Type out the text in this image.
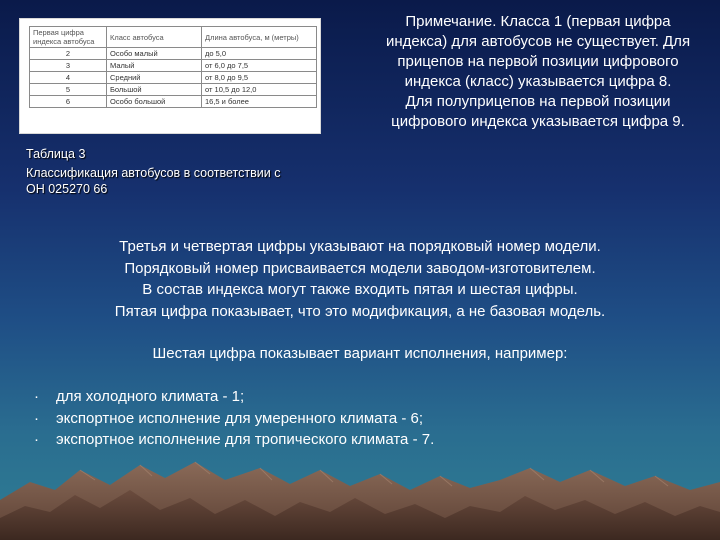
Первая цифра индекса автобуса	Класс автобуса	Длина автобуса, м (метры)
2	Особо малый	до 5,0
3	Малый	от 6,0 до 7,5
4	Средний	от 8,0 до 9,5
5	Большой	от 10,5 до 12,0
6	Особо большой	16,5 и более
Таблица 3
Классификация автобусов в соответствии с ОН 025270 66
Примечание. Класса 1 (первая цифра индекса) для автобусов не существует. Для прицепов на первой позиции цифрового индекса (класс) указывается цифра 8.
Для полуприцепов на первой позиции цифрового индекса указывается цифра 9.
Третья и четвертая цифры указывают на порядковый номер модели.
Порядковый номер присваивается модели заводом-изготовителем.
В состав индекса могут также входить пятая и шестая цифры.
Пятая цифра показывает, что это модификация, а не базовая модель.
Шестая цифра показывает вариант исполнения, например:
·	для холодного климата - 1;
·	экспортное исполнение для умеренного климата - 6;
·	экспортное исполнение для тропического климата - 7.
